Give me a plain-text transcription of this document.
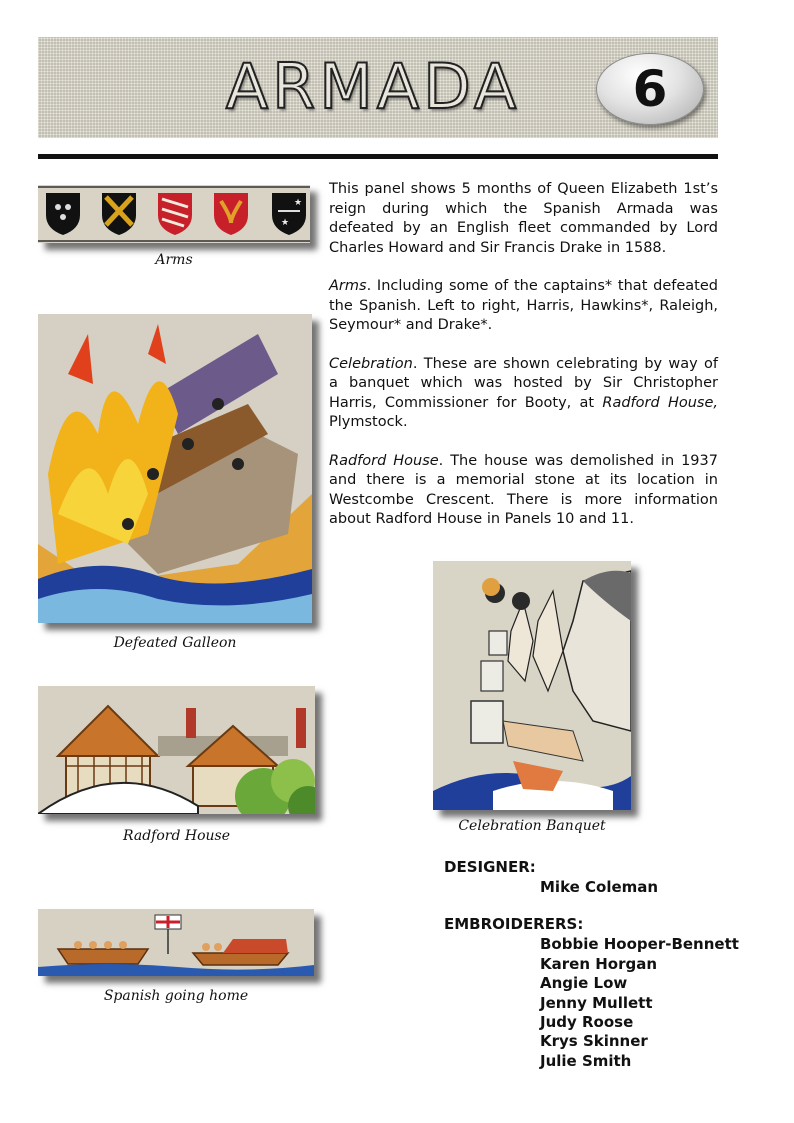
ARMADA	6
★
★
Arms
Defeated Galleon
Radford House
Spanish going home
Celebration Banquet

This panel shows 5 months of Queen Elizabeth 1st’s reign during which the Spanish Armada was defeated by an English fleet commanded by Lord Charles Howard and Sir Francis Drake in 1588.

Arms. Including some of the captains* that defeated the Spanish. Left to right, Harris, Hawkins*, Raleigh, Seymour* and Drake*.

Celebration. These are shown celebrating by way of a banquet which was hosted by Sir Christopher Harris, Commissioner for Booty, at Radford House, Plymstock.

Radford House. The house was demolished in 1937 and there is a memorial stone at its location in Westcombe Crescent. There is more information about Radford House in Panels 10 and 11.

DESIGNER:
Mike Coleman
EMBROIDERERS:
Bobbie Hooper-Bennett
Karen Horgan
Angie Low
Jenny Mullett
Judy Roose
Krys Skinner
Julie Smith
